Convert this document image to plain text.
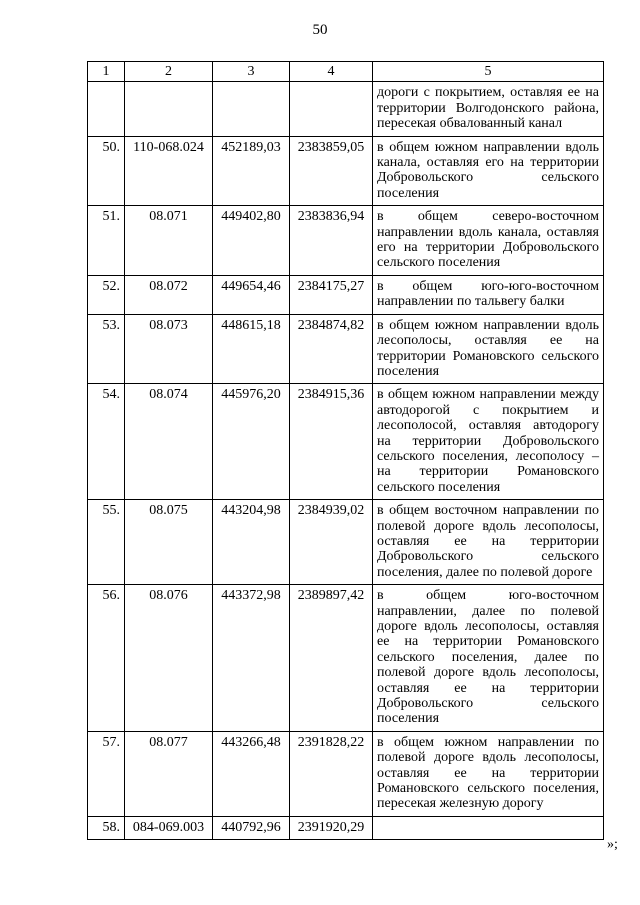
50
1	2	3	4	5
				дороги с покрытием, оставляя ее на территории Волгодонского района, пересекая обвалованный канал
50.	110-068.024	452189,03	2383859,05	в общем южном направлении вдоль канала, оставляя его на территории Добровольского сельского поселения
51.	08.071	449402,80	2383836,94	в общем северо-восточном направлении вдоль канала, оставляя его на территории Добровольского сельского поселения
52.	08.072	449654,46	2384175,27	в общем юго-юго-восточном направлении по тальвегу балки
53.	08.073	448615,18	2384874,82	в общем южном направлении вдоль лесополосы, оставляя ее на территории Романовского сельского поселения
54.	08.074	445976,20	2384915,36	в общем южном направлении между автодорогой с покрытием и лесополосой, оставляя автодорогу на территории Добровольского сельского поселения, лесополосу – на территории Романовского сельского поселения
55.	08.075	443204,98	2384939,02	в общем восточном направлении по полевой дороге вдоль лесополосы, оставляя ее на территории Добровольского сельского поселения, далее по полевой дороге
56.	08.076	443372,98	2389897,42	в общем юго-восточном направлении, далее по полевой дороге вдоль лесополосы, оставляя ее на территории Романовского сельского поселения, далее по полевой дороге вдоль лесополосы, оставляя ее на территории Добровольского сельского поселения
57.	08.077	443266,48	2391828,22	в общем южном направлении по полевой дороге вдоль лесополосы, оставляя ее на территории Романовского сельского поселения, пересекая железную дорогу
58.	084-069.003	440792,96	2391920,29	
»;
